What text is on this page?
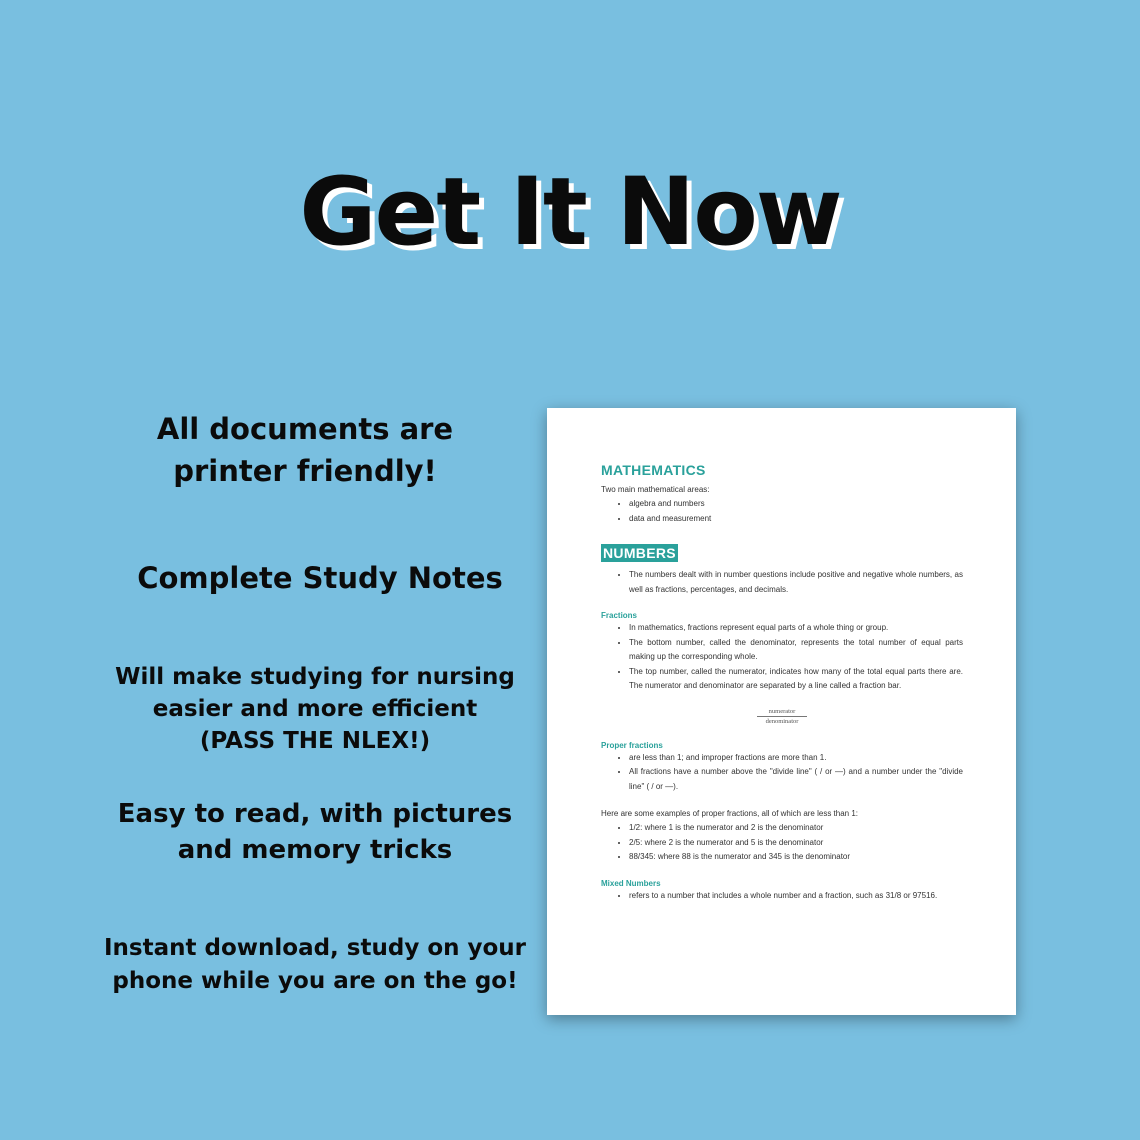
Get It Now
All documents are
printer friendly!
Complete Study Notes
Will make studying for nursing
easier and more efficient
(PASS THE NLEX!)
Easy to read, with pictures
and memory tricks
Instant download, study on your
phone while you are on the go!
MATHEMATICS

Two main mathematical areas:

• algebra and numbers
• data and measurement
NUMBERS
• The numbers dealt with in number questions include positive and negative whole numbers, as well as fractions, percentages, and decimals.
Fractions
• In mathematics, fractions represent equal parts of a whole thing or group.
• The bottom number, called the denominator, represents the total number of equal parts making up the corresponding whole.
• The top number, called the numerator, indicates how many of the total equal parts there are. The numerator and denominator are separated by a line called a fraction bar.
numerator
denominator
Proper fractions
• are less than 1; and improper fractions are more than 1.
• All fractions have a number above the "divide line" ( / or —) and a number under the "divide line" ( / or —).

Here are some examples of proper fractions, all of which are less than 1:

• 1/2: where 1 is the numerator and 2 is the denominator
• 2/5: where 2 is the numerator and 5 is the denominator
• 88/345: where 88 is the numerator and 345 is the denominator
Mixed Numbers
• refers to a number that includes a whole number and a fraction, such as 31/8 or 97516.
